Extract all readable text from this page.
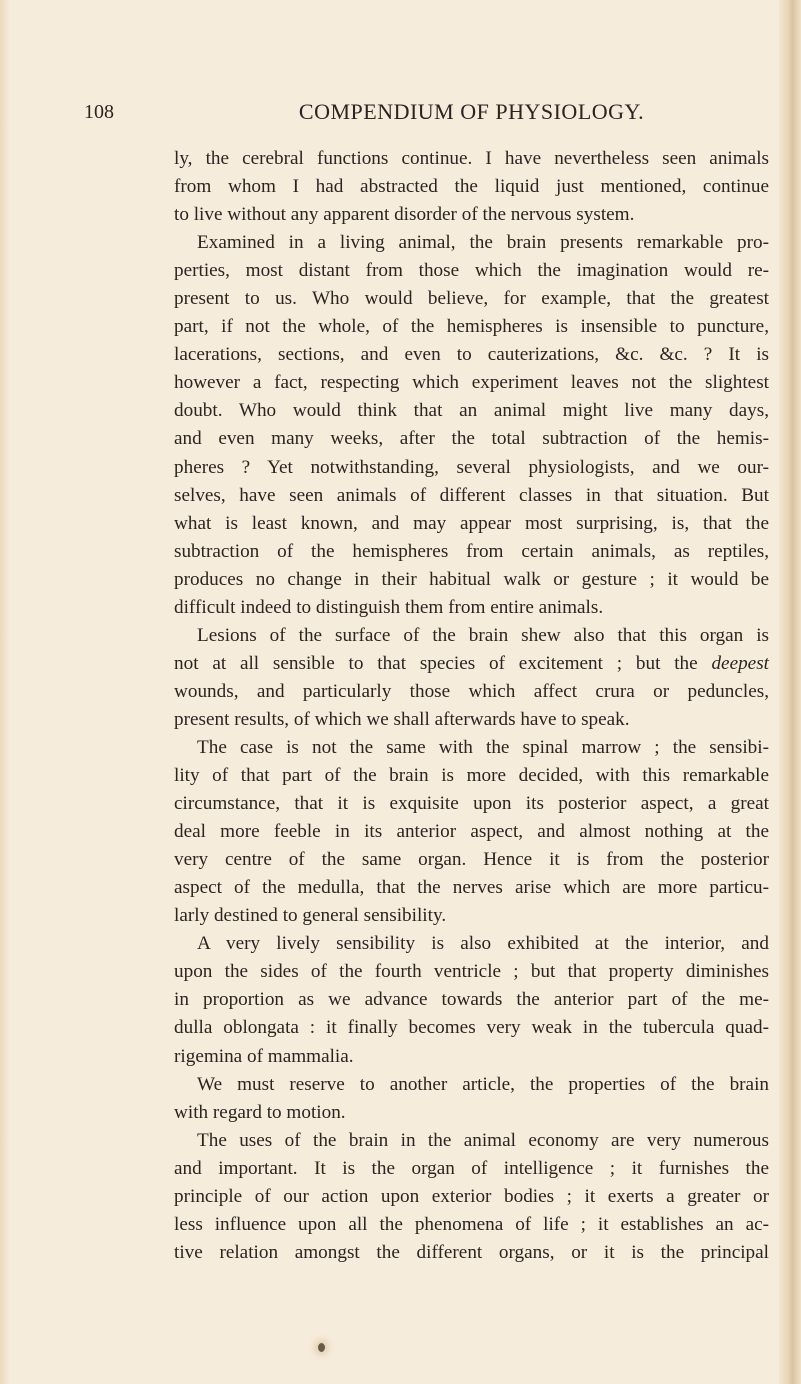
108	COMPENDIUM OF PHYSIOLOGY.
ly, the cerebral functions continue. I have nevertheless seen animals
from whom I had abstracted the liquid just mentioned, continue
to live without any apparent disorder of the nervous system.
Examined in a living animal, the brain presents remarkable pro-
perties, most distant from those which the imagination would re-
present to us. Who would believe, for example, that the greatest
part, if not the whole, of the hemispheres is insensible to puncture,
lacerations, sections, and even to cauterizations, &c. &c. ? It is
however a fact, respecting which experiment leaves not the slightest
doubt. Who would think that an animal might live many days,
and even many weeks, after the total subtraction of the hemis-
pheres ? Yet notwithstanding, several physiologists, and we our-
selves, have seen animals of different classes in that situation. But
what is least known, and may appear most surprising, is, that the
subtraction of the hemispheres from certain animals, as reptiles,
produces no change in their habitual walk or gesture ; it would be
difficult indeed to distinguish them from entire animals.
Lesions of the surface of the brain shew also that this organ is
not at all sensible to that species of excitement ; but the deepest
wounds, and particularly those which affect crura or peduncles,
present results, of which we shall afterwards have to speak.
The case is not the same with the spinal marrow ; the sensibi-
lity of that part of the brain is more decided, with this remarkable
circumstance, that it is exquisite upon its posterior aspect, a great
deal more feeble in its anterior aspect, and almost nothing at the
very centre of the same organ. Hence it is from the posterior
aspect of the medulla, that the nerves arise which are more particu-
larly destined to general sensibility.
A very lively sensibility is also exhibited at the interior, and
upon the sides of the fourth ventricle ; but that property diminishes
in proportion as we advance towards the anterior part of the me-
dulla oblongata : it finally becomes very weak in the tubercula quad-
rigemina of mammalia.
We must reserve to another article, the properties of the brain
with regard to motion.
The uses of the brain in the animal economy are very numerous
and important. It is the organ of intelligence ; it furnishes the
principle of our action upon exterior bodies ; it exerts a greater or
less influence upon all the phenomena of life ; it establishes an ac-
tive relation amongst the different organs, or it is the principal
